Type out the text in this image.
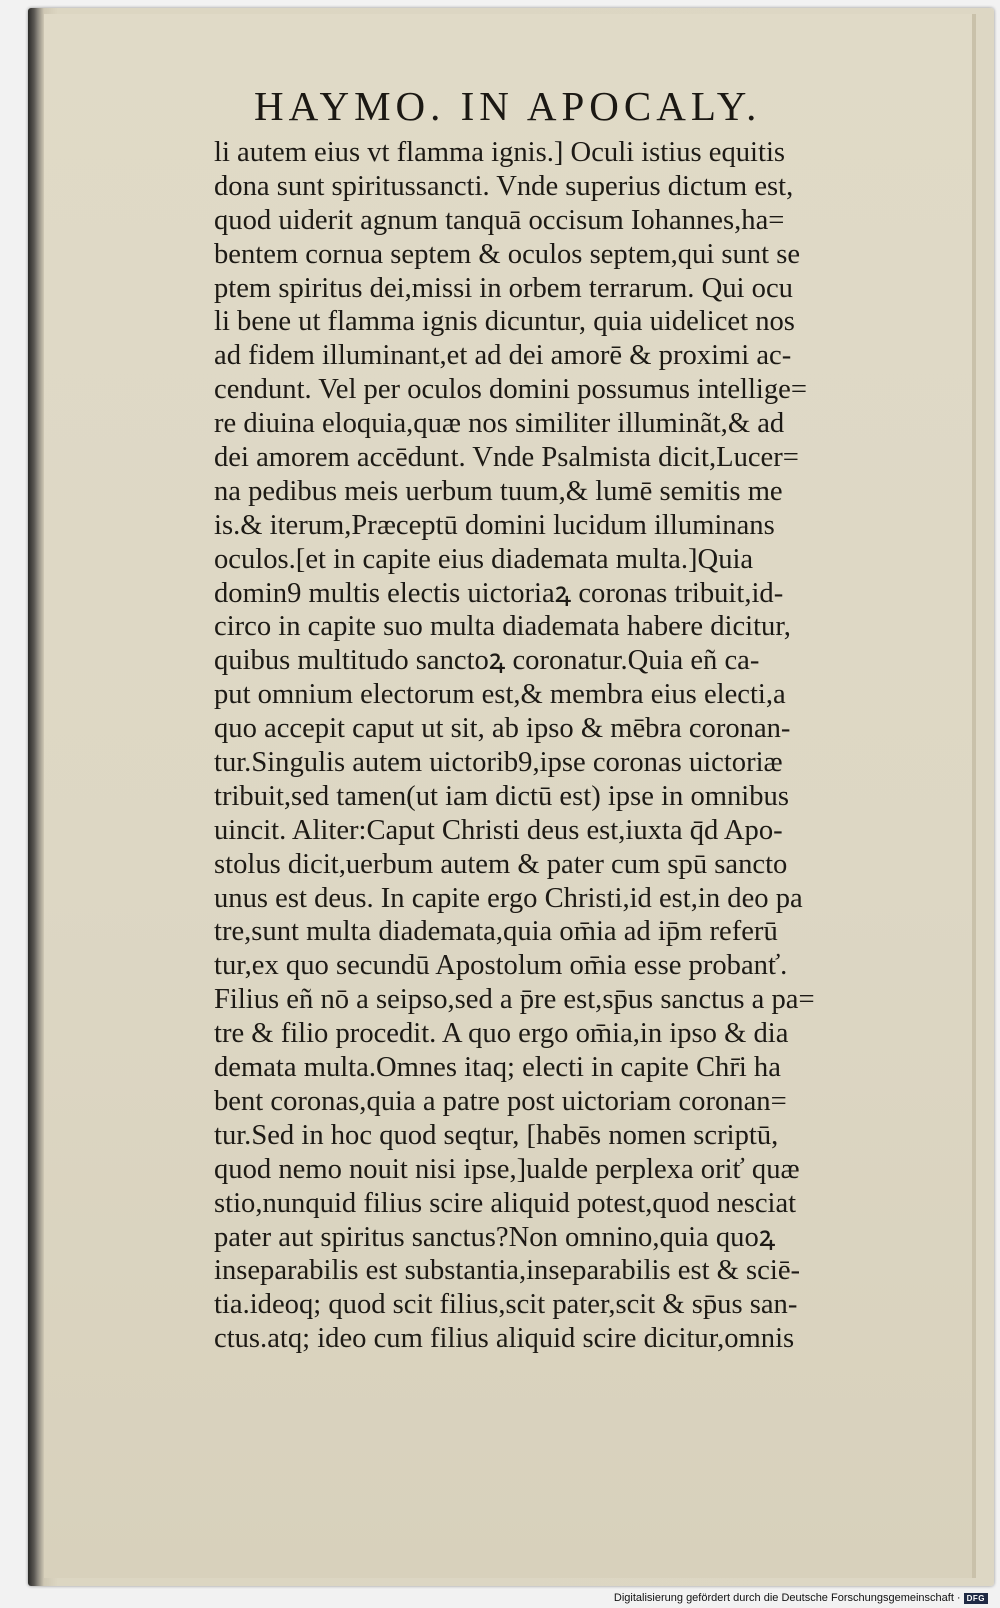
HAYMO. IN APOCALY.
li autem eius vt flamma ignis.] Oculi istius equitis
dona sunt spiritussancti. Vnde superius dictum est,
quod uiderit agnum tanquā occisum Iohannes,ha=
bentem cornua septem & oculos septem,qui sunt se
ptem spiritus dei,missi in orbem terrarum. Qui ocu
li bene ut flamma ignis dicuntur, quia uidelicet nos
ad fidem illuminant,et ad dei amorē & proximi ac-
cendunt. Vel per oculos domini possumus intellige=
re diuina eloquia,quæ nos similiter illuminãt,& ad
dei amorem accēdunt. Vnde Psalmista dicit,Lucer=
na pedibus meis uerbum tuum,& lumē semitis me
is.& iterum,Præceptū domini lucidum illuminans
oculos.[et in capite eius diademata multa.]Quia
domin9 multis electis uictoriaꝝ coronas tribuit,id-
circo in capite suo multa diademata habere dicitur,
quibus multitudo sanctoꝝ coronatur.Quia eñ ca-
put omnium electorum est,& membra eius electi,a
quo accepit caput ut sit, ab ipso & mēbra coronan-
tur.Singulis autem uictorib9,ipse coronas uictoriæ
tribuit,sed tamen(ut iam dictū est) ipse in omnibus
uincit. Aliter:Caput Christi deus est,iuxta q̄d Apo-
stolus dicit,uerbum autem & pater cum spū sancto
unus est deus. In capite ergo Christi,id est,in deo pa
tre,sunt multa diademata,quia om̄ia ad ip̄m referū
tur,ex quo secundū Apostolum om̄ia esse probanť.
Filius eñ nō a seipso,sed a p̄re est,sp̄us sanctus a pa=
tre & filio procedit. A quo ergo om̄ia,in ipso & dia
demata multa.Omnes itaq; electi in capite Chr̄i ha
bent coronas,quia a patre post uictoriam coronan=
tur.Sed in hoc quod seqtur, [habēs nomen scriptū,
quod nemo nouit nisi ipse,]ualde perplexa oriť quæ
stio,nunquid filius scire aliquid potest,quod nesciat
pater aut spiritus sanctus?Non omnino,quia quoꝝ
inseparabilis est substantia,inseparabilis est & sciē-
tia.ideoq; quod scit filius,scit pater,scit & sp̄us san-
ctus.atq; ideo cum filius aliquid scire dicitur,omnis
Digitalisierung gefördert durch die Deutsche Forschungsgemeinschaft · DFG
